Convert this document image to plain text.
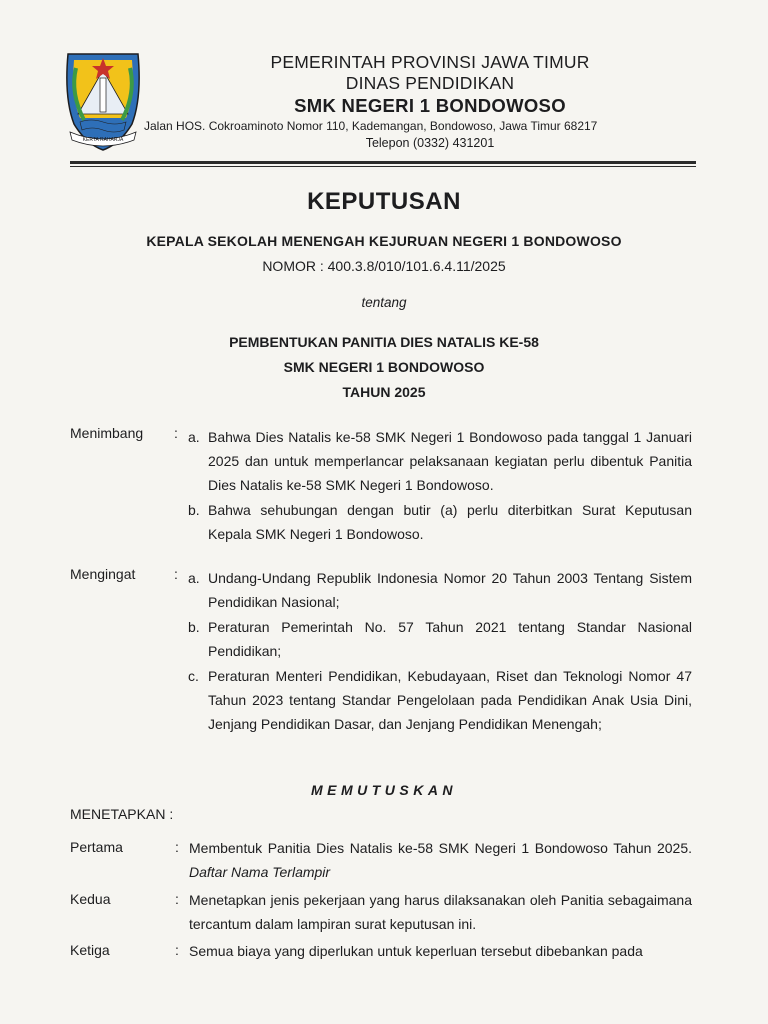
KERTA RAHARJA
PEMERINTAH PROVINSI JAWA TIMUR
DINAS PENDIDIKAN
SMK NEGERI 1 BONDOWOSO
Jalan HOS. Cokroaminoto Nomor 110, Kademangan, Bondowoso, Jawa Timur 68217
Telepon (0332) 431201
KEPUTUSAN
KEPALA SEKOLAH MENENGAH KEJURUAN NEGERI 1 BONDOWOSO
NOMOR : 400.3.8/010/101.6.4.11/2025
tentang
PEMBENTUKAN PANITIA DIES NATALIS KE-58
SMK NEGERI 1 BONDOWOSO
TAHUN 2025
Menimbang : a. Bahwa Dies Natalis ke-58 SMK Negeri 1 Bondowoso pada tanggal 1 Januari 2025 dan untuk memperlancar pelaksanaan kegiatan perlu dibentuk Panitia Dies Natalis ke-58 SMK Negeri 1 Bondowoso.
b. Bahwa sehubungan dengan butir (a) perlu diterbitkan Surat Keputusan Kepala SMK Negeri 1 Bondowoso.
Mengingat	: a. Undang-Undang Republik Indonesia Nomor 20 Tahun 2003 Tentang Sistem Pendidikan Nasional;
b. Peraturan Pemerintah No. 57 Tahun 2021 tentang Standar Nasional Pendidikan;
c. Peraturan Menteri Pendidikan, Kebudayaan, Riset dan Teknologi Nomor 47 Tahun 2023 tentang Standar Pengelolaan pada Pendidikan Anak Usia Dini, Jenjang Pendidikan Dasar, dan Jenjang Pendidikan Menengah;
MEMUTUSKAN
MENETAPKAN :
Pertama	: Membentuk Panitia Dies Natalis ke-58 SMK Negeri 1 Bondowoso Tahun 2025. Daftar Nama Terlampir
Kedua	: Menetapkan jenis pekerjaan yang harus dilaksanakan oleh Panitia sebagaimana tercantum dalam lampiran surat keputusan ini.
Ketiga	: Semua biaya yang diperlukan untuk keperluan tersebut dibebankan pada
